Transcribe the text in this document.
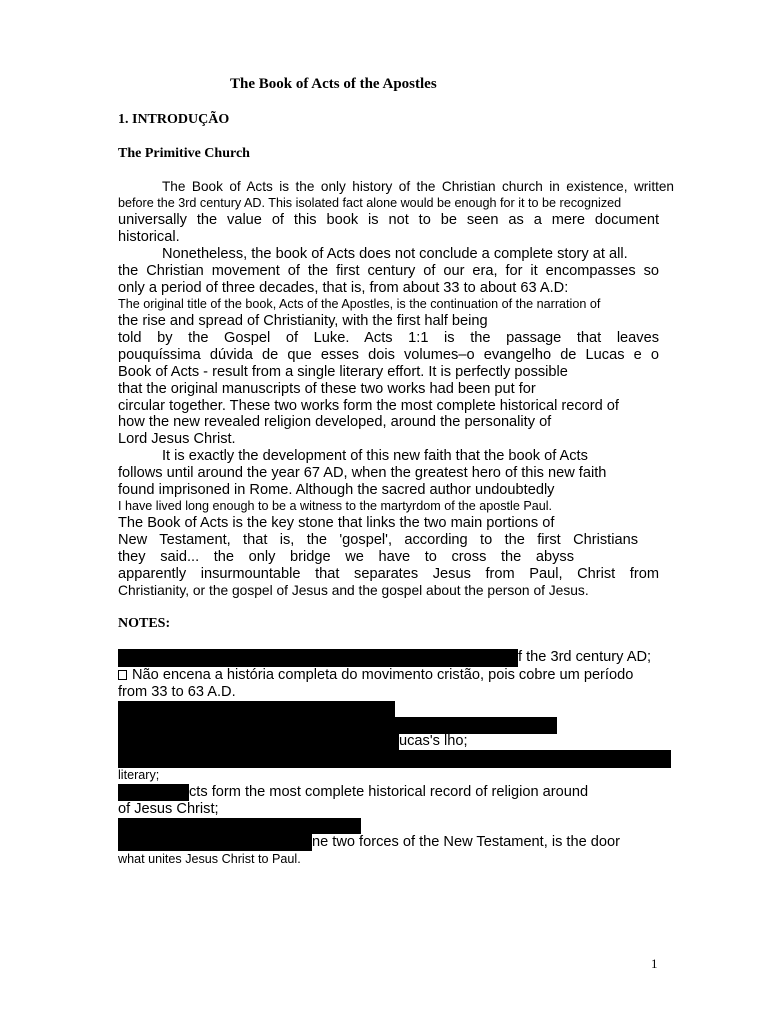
The Book of Acts of the Apostles
1. INTRODUÇÃO
The Primitive Church
The Book of Acts is the only history of the Christian church in existence, written
before the 3rd century AD. This isolated fact alone would be enough for it to be recognized
universally the value of this book is not to be seen as a mere document
historical.
Nonetheless, the book of Acts does not conclude a complete story at all.
the Christian movement of the first century of our era, for it encompasses so
only a period of three decades, that is, from about 33 to about 63 A.D:
The original title of the book, Acts of the Apostles, is the continuation of the narration of
the rise and spread of Christianity, with the first half being
told by the Gospel of Luke. Acts 1:1 is the passage that leaves
pouquíssima dúvida de que esses dois volumes–o evangelho de Lucas e o
Book of Acts - result from a single literary effort. It is perfectly possible
that the original manuscripts of these two works had been put for
circular together. These two works form the most complete historical record of
how the new revealed religion developed, around the personality of
Lord Jesus Christ.
It is exactly the development of this new faith that the book of Acts
follows until around the year 67 AD, when the greatest hero of this new faith
found imprisoned in Rome. Although the sacred author undoubtedly
I have lived long enough to be a witness to the martyrdom of the apostle Paul.
The Book of Acts is the key stone that links the two main portions of
New Testament, that is, the 'gospel', according to the first Christians
they said... the only bridge we have to cross the abyss
apparently insurmountable that separates Jesus from Paul, Christ from
Christianity, or the gospel of Jesus and the gospel about the person of Jesus.
NOTES:
f the 3rd century AD;
Não encena a história completa do movimento cristão, pois cobre um período
from 33 to 63 A.D.
ucas's lho;
literary;
cts form the most complete historical record of religion around
of Jesus Christ;
ne two forces of the New Testament, is the door
what unites Jesus Christ to Paul.
1
